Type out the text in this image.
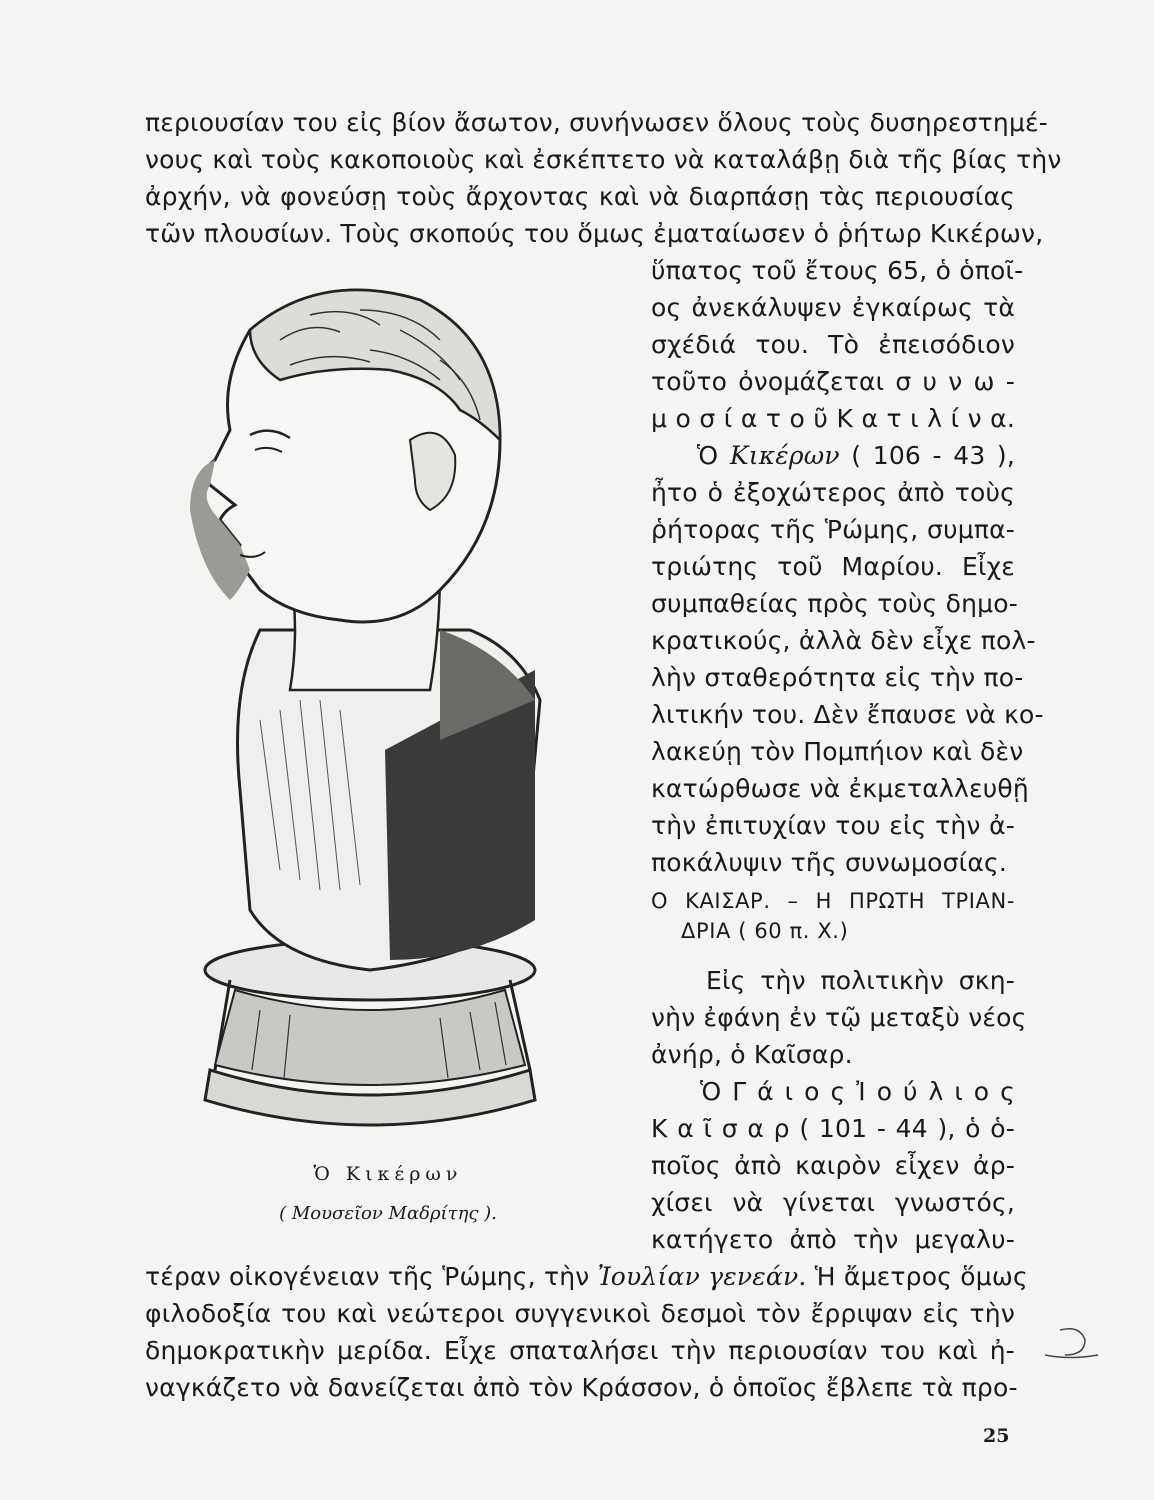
περιουσίαν του εἰς βίον ἄσωτον, συνήνωσεν ὅλους τοὺς δυσηρεστημέ-
νους καὶ τοὺς κακοποιοὺς καὶ ἐσκέπτετο νὰ καταλάβῃ διὰ τῆς βίας τὴν
ἀρχήν, νὰ φονεύσῃ τοὺς ἄρχοντας καὶ νὰ διαρπάσῃ τὰς περιουσίας
τῶν πλουσίων. Τοὺς σκοπούς του ὅμως ἐματαίωσεν ὁ ῥήτωρ Κικέρων,
ὕπατος τοῦ ἔτους 65, ὁ ὁποῖ-
ος ἀνεκάλυψεν ἐγκαίρως τὰ
σχέδιά του. Τὸ ἐπεισόδιον
τοῦτο ὀνομάζεται σ υ ν ω -
μ ο σ ί α τ ο ῦ Κ α τ ι λ ί ν α.
Ὁ Κικέρων ( 106 - 43 ),
ἦτο ὁ ἐξοχώτερος ἀπὸ τοὺς
ῥήτορας τῆς Ῥώμης, συμπα-
τριώτης τοῦ Μαρίου. Εἶχε
συμπαθείας πρὸς τοὺς δημο-
κρατικούς, ἀλλὰ δὲν εἶχε πολ-
λὴν σταθερότητα εἰς τὴν πο-
λιτικήν του. Δὲν ἔπαυσε νὰ κο-
λακεύῃ τὸν Πομπήιον καὶ δὲν
κατώρθωσε νὰ ἐκμεταλλευθῇ
τὴν ἐπιτυχίαν του εἰς τὴν ἀ-
ποκάλυψιν τῆς συνωμοσίας.
Ο ΚΑΙΣΑΡ. – Η ΠΡΩΤΗ ΤΡΙΑΝ-
ΔΡΙΑ ( 60 π. Χ.)
Εἰς τὴν πολιτικὴν σκη-
νὴν ἐφάνη ἐν τῷ μεταξὺ νέος
ἀνήρ, ὁ Καῖσαρ.
Ὁ Γ ά ι ο ς Ἰ ο ύ λ ι ο ς
Κ α ῖ σ α ρ ( 101 - 44 ), ὁ ὁ-
ποῖος ἀπὸ καιρὸν εἶχεν ἀρ-
χίσει νὰ γίνεται γνωστός,
κατήγετο ἀπὸ τὴν μεγαλυ-
τέραν οἰκογένειαν τῆς Ῥώμης, τὴν Ἰουλίαν γενεάν. Ἡ ἄμετρος ὅμως
φιλοδοξία του καὶ νεώτεροι συγγενικοὶ δεσμοὶ τὸν ἔρριψαν εἰς τὴν
δημοκρατικὴν μερίδα. Εἶχε σπαταλήσει τὴν περιουσίαν του καὶ ἠ-
ναγκάζετο νὰ δανείζεται ἀπὸ τὸν Κράσσον, ὁ ὁποῖος ἔβλεπε τὰ προ-
Ὁ Κικέρων
( Μουσεῖον Μαδρίτης ).
25
